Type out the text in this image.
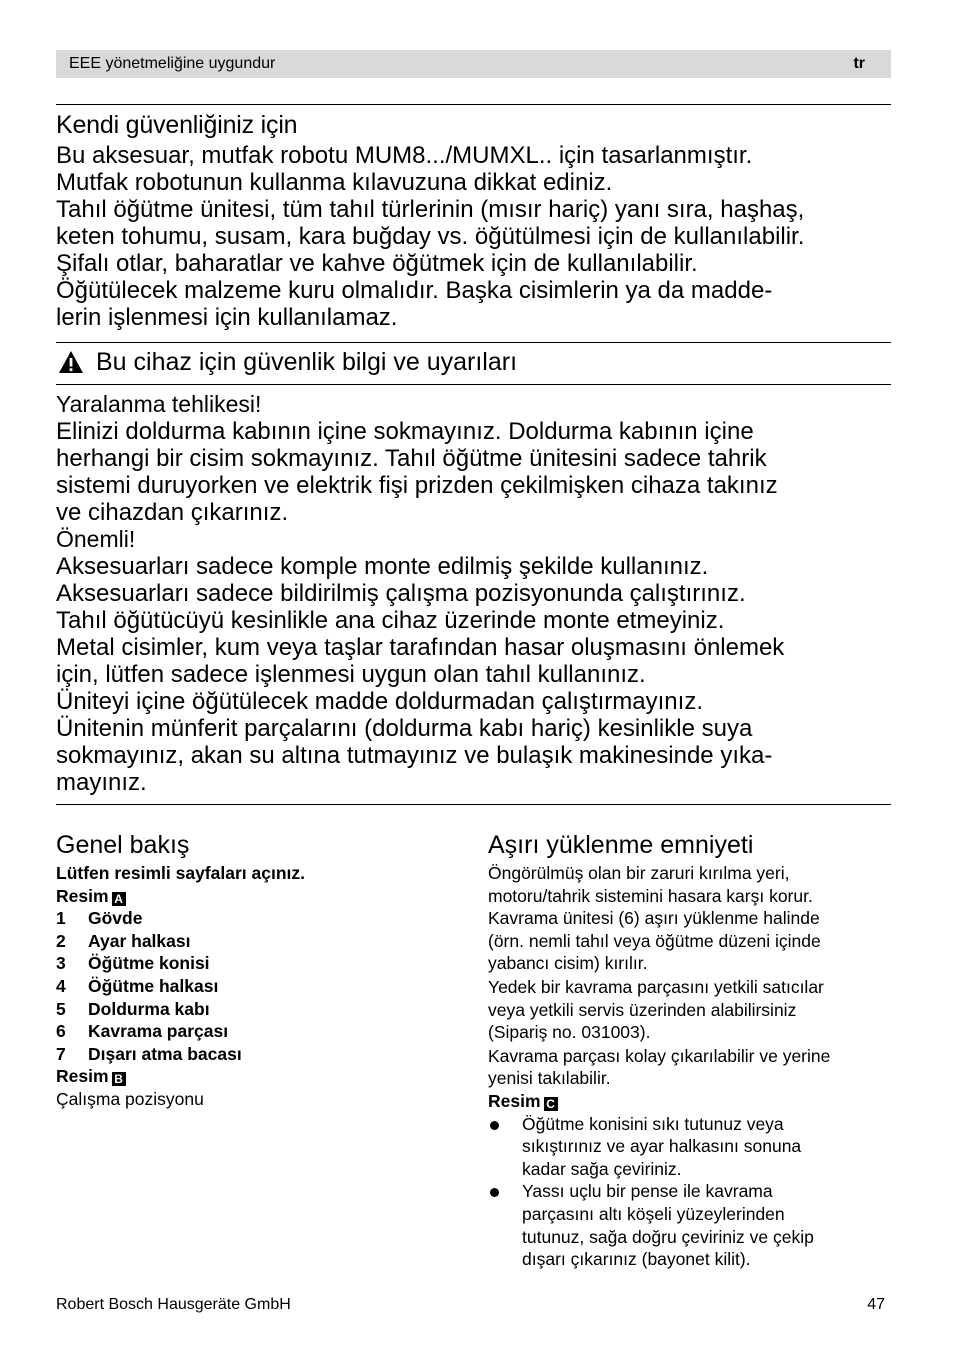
EEE yönetmeliğine uygundur	tr
Kendi güvenliğiniz için

Bu aksesuar, mutfak robotu MUM8.../MUMXL.. için tasarlanmıştır.

Mutfak robotunun kullanma kılavuzuna dikkat ediniz.

Tahıl öğütme ünitesi, tüm tahıl türlerinin (mısır hariç) yanı sıra, haşhaş,

keten tohumu, susam, kara buğday vs. öğütülmesi için de kullanılabilir.

Şifalı otlar, baharatlar ve kahve öğütmek için de kullanılabilir.

Öğütülecek malzeme kuru olmalıdır. Başka cisimlerin ya da madde-

lerin işlenmesi için kullanılamaz.

Bu cihaz için güvenlik bilgi ve uyarıları

Yaralanma tehlikesi!

Elinizi doldurma kabının içine sokmayınız. Doldurma kabının içine

herhangi bir cisim sokmayınız. Tahıl öğütme ünitesini sadece tahrik

sistemi duruyorken ve elektrik fişi prizden çekilmişken cihaza takınız

ve cihazdan çıkarınız.

Önemli!

Aksesuarları sadece komple monte edilmiş şekilde kullanınız.

Aksesuarları sadece bildirilmiş çalışma pozisyonunda çalıştırınız.

Tahıl öğütücüyü kesinlikle ana cihaz üzerinde monte etmeyiniz.

Metal cisimler, kum veya taşlar tarafından hasar oluşmasını önlemek

için, lütfen sadece işlenmesi uygun olan tahıl kullanınız.

Üniteyi içine öğütülecek madde doldurmadan çalıştırmayınız.

Ünitenin münferit parçalarını (doldurma kabı hariç) kesinlikle suya

sokmayınız, akan su altına tutmayınız ve bulaşık makinesinde yıka-

mayınız.

Genel bakış

Lütfen resimli sayfaları açınız.

Resim A

1	Gövde
2	Ayar halkası
3	Öğütme konisi
4	Öğütme halkası
5	Doldurma kabı
6	Kavrama parçası
7	Dışarı atma bacası

Resim B

Çalışma pozisyonu

Aşırı yüklenme emniyeti

Öngörülmüş olan bir zaruri kırılma yeri,

motoru/tahrik sistemini hasara karşı korur.

Kavrama ünitesi (6) aşırı yüklenme halinde

(örn. nemli tahıl veya öğütme düzeni içinde

yabancı cisim) kırılır.

Yedek bir kavrama parçasını yetkili satıcılar

veya yetkili servis üzerinden alabilirsiniz

(Sipariş no. 031003).

Kavrama parçası kolay çıkarılabilir ve yerine

yenisi takılabilir.

Resim C

Öğütme konisini sıkı tutunuz veya

sıkıştırınız ve ayar halkasını sonuna

kadar sağa çeviriniz.

Yassı uçlu bir pense ile kavrama

parçasını altı köşeli yüzeylerinden

tutunuz, sağa doğru çeviriniz ve çekip

dışarı çıkarınız (bayonet kilit).

Robert Bosch Hausgeräte GmbH	47
